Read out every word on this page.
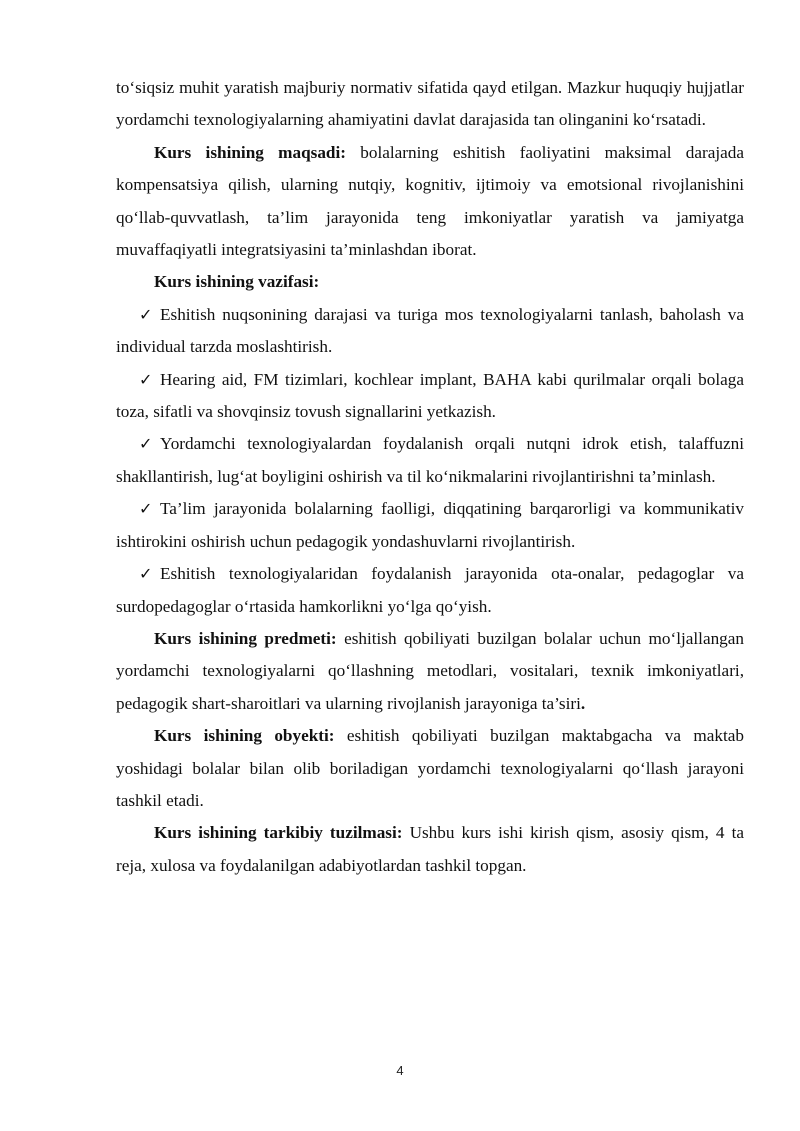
to‘siqsiz muhit yaratish majburiy normativ sifatida qayd etilgan. Mazkur huquqiy hujjatlar yordamchi texnologiyalarning ahamiyatini davlat darajasida tan olinganini ko‘rsatadi.

Kurs ishining maqsadi: bolalarning eshitish faoliyatini maksimal darajada kompensatsiya qilish, ularning nutqiy, kognitiv, ijtimoiy va emotsional rivojlanishini qo‘llab-quvvatlash, ta’lim jarayonida teng imkoniyatlar yaratish va jamiyatga muvaffaqiyatli integratsiyasini ta’minlashdan iborat.

Kurs ishining vazifasi:

✓ Eshitish nuqsonining darajasi va turiga mos texnologiyalarni tanlash, baholash va individual tarzda moslashtirish.

✓ Hearing aid, FM tizimlari, kochlear implant, BAHA kabi qurilmalar orqali bolaga toza, sifatli va shovqinsiz tovush signallarini yetkazish.

✓ Yordamchi texnologiyalardan foydalanish orqali nutqni idrok etish, talaffuzni shakllantirish, lug‘at boyligini oshirish va til ko‘nikmalarini rivojlantirishni ta’minlash.

✓ Ta’lim jarayonida bolalarning faolligi, diqqatining barqarorligi va kommunikativ ishtirokini oshirish uchun pedagogik yondashuvlarni rivojlantirish.

✓ Eshitish texnologiyalaridan foydalanish jarayonida ota-onalar, pedagoglar va surdopedagoglar o‘rtasida hamkorlikni yo‘lga qo‘yish.

Kurs ishining predmeti: eshitish qobiliyati buzilgan bolalar uchun mo‘ljallangan yordamchi texnologiyalarni qo‘llashning metodlari, vositalari, texnik imkoniyatlari, pedagogik shart-sharoitlari va ularning rivojlanish jarayoniga ta’siri.

Kurs ishining obyekti: eshitish qobiliyati buzilgan maktabgacha va maktab yoshidagi bolalar bilan olib boriladigan yordamchi texnologiyalarni qo‘llash jarayoni tashkil etadi.

Kurs ishining tarkibiy tuzilmasi: Ushbu kurs ishi kirish qism, asosiy qism, 4 ta reja, xulosa va foydalanilgan adabiyotlardan tashkil topgan.

4
